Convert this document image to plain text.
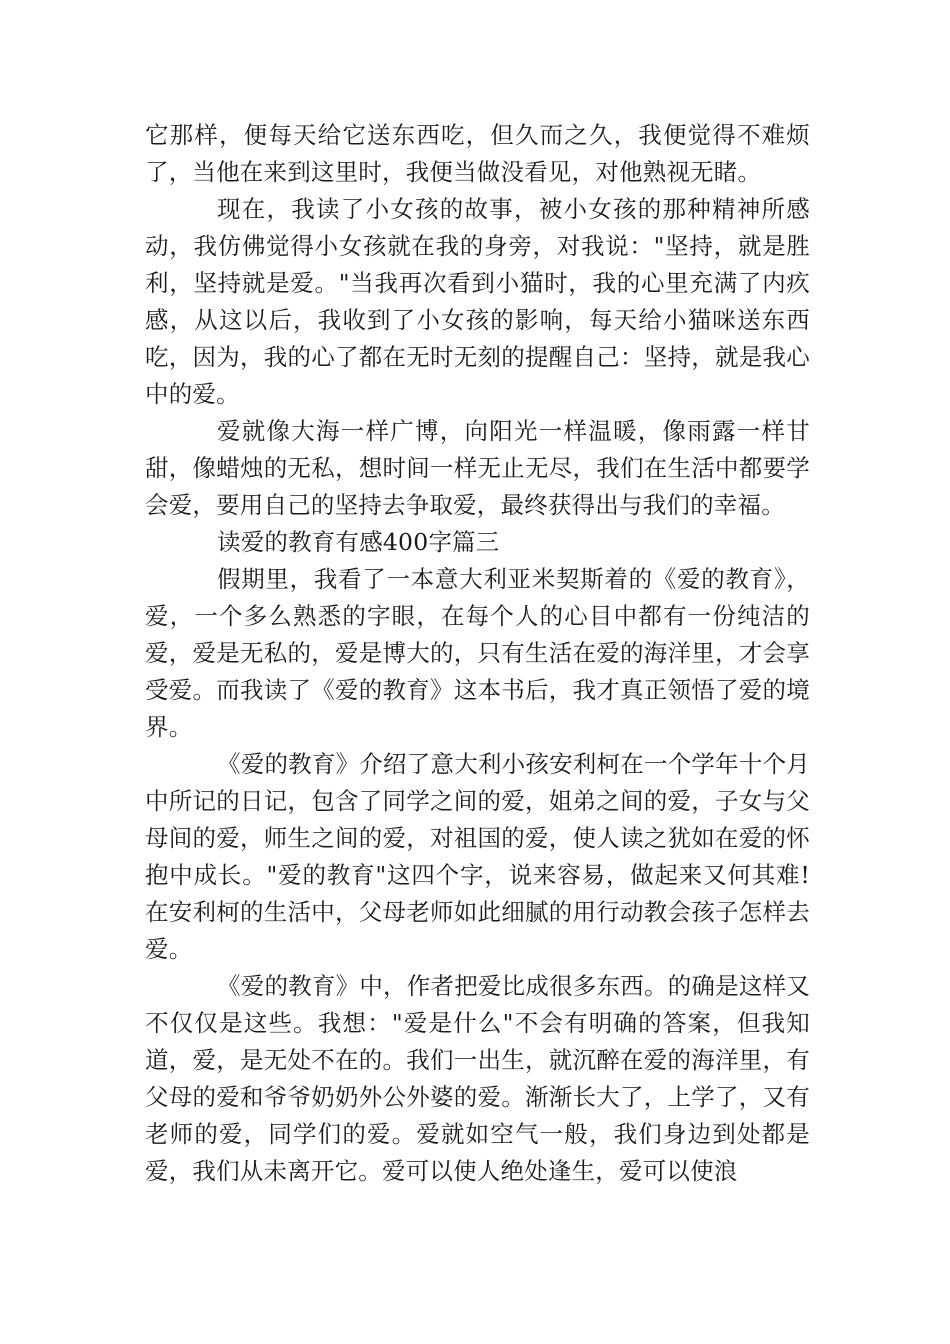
它那样，便每天给它送东西吃，但久而之久，我便觉得不难烦了，当他在来到这里时，我便当做没看见，对他熟视无睹。

现在，我读了小女孩的故事，被小女孩的那种精神所感动，我仿佛觉得小女孩就在我的身旁，对我说："坚持，就是胜利，坚持就是爱。"当我再次看到小猫时，我的心里充满了内疚感，从这以后，我收到了小女孩的影响，每天给小猫咪送东西吃，因为，我的心了都在无时无刻的提醒自己：坚持，就是我心中的爱。

爱就像大海一样广博，向阳光一样温暖，像雨露一样甘甜，像蜡烛的无私，想时间一样无止无尽，我们在生活中都要学会爱，要用自己的坚持去争取爱，最终获得出与我们的幸福。

读爱的教育有感400字篇三

假期里，我看了一本意大利亚米契斯着的《爱的教育》，爱，一个多么熟悉的字眼，在每个人的心目中都有一份纯洁的爱，爱是无私的，爱是博大的，只有生活在爱的海洋里，才会享受爱。而我读了《爱的教育》这本书后，我才真正领悟了爱的境界。

《爱的教育》介绍了意大利小孩安利柯在一个学年十个月中所记的日记，包含了同学之间的爱，姐弟之间的爱，子女与父母间的爱，师生之间的爱，对祖国的爱，使人读之犹如在爱的怀抱中成长。"爱的教育"这四个字，说来容易，做起来又何其难!在安利柯的生活中，父母老师如此细腻的用行动教会孩子怎样去爱。

《爱的教育》中，作者把爱比成很多东西。的确是这样又不仅仅是这些。我想："爱是什么"不会有明确的答案，但我知道，爱，是无处不在的。我们一出生，就沉醉在爱的海洋里，有父母的爱和爷爷奶奶外公外婆的爱。渐渐长大了，上学了，又有老师的爱，同学们的爱。爱就如空气一般，我们身边到处都是爱，我们从未离开它。爱可以使人绝处逢生，爱可以使浪
